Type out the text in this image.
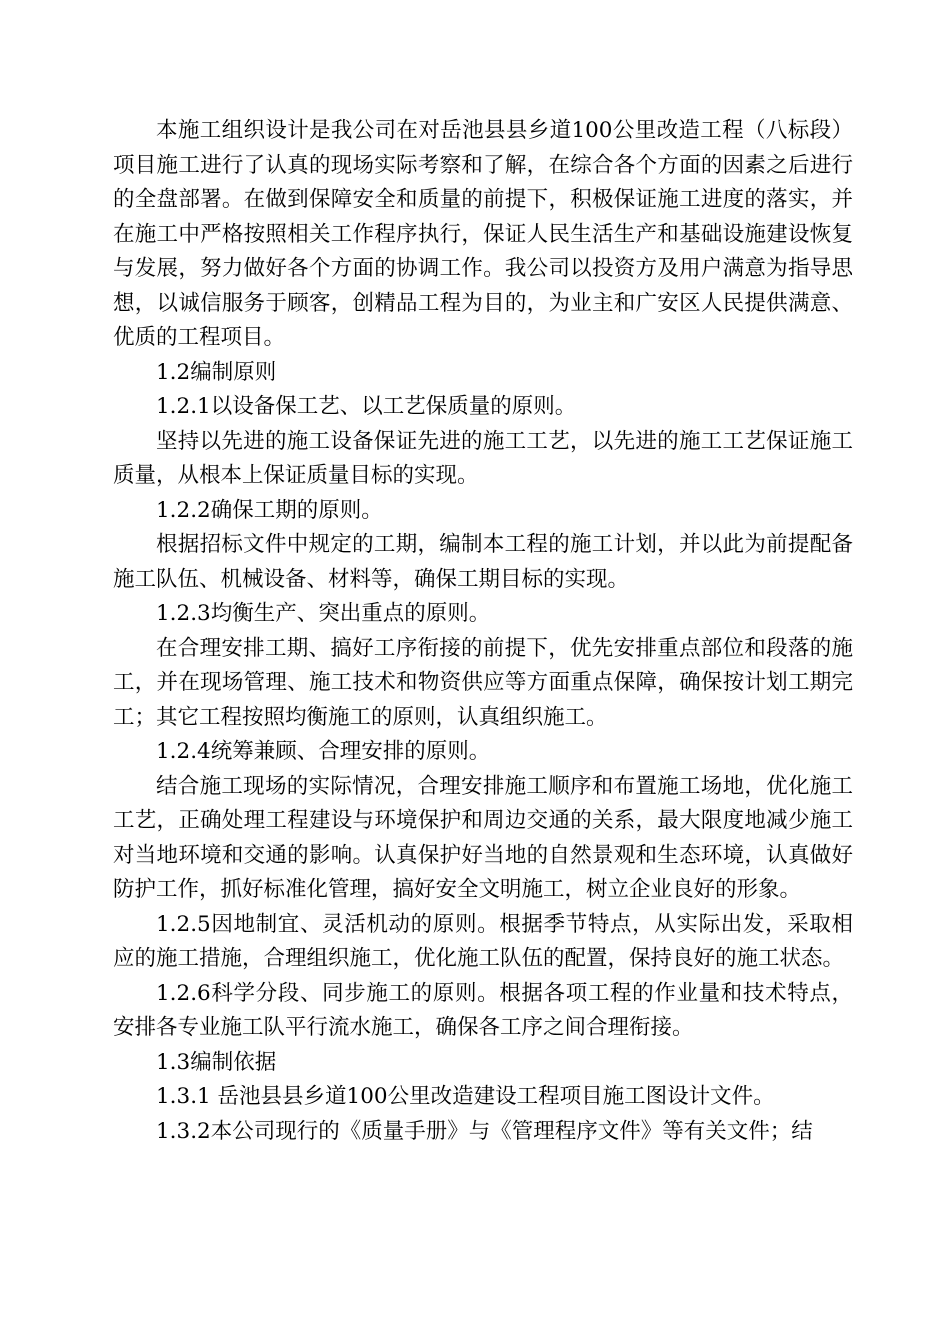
本施工组织设计是我公司在对岳池县县乡道100公里改造工程（八标段）项目施工进行了认真的现场实际考察和了解，在综合各个方面的因素之后进行的全盘部署。在做到保障安全和质量的前提下，积极保证施工进度的落实，并在施工中严格按照相关工作程序执行，保证人民生活生产和基础设施建设恢复与发展，努力做好各个方面的协调工作。我公司以投资方及用户满意为指导思想，以诚信服务于顾客，创精品工程为目的，为业主和广安区人民提供满意、优质的工程项目。

1.2编制原则

1.2.1以设备保工艺、以工艺保质量的原则。

坚持以先进的施工设备保证先进的施工工艺，以先进的施工工艺保证施工质量，从根本上保证质量目标的实现。

1.2.2确保工期的原则。

根据招标文件中规定的工期，编制本工程的施工计划，并以此为前提配备施工队伍、机械设备、材料等，确保工期目标的实现。

1.2.3均衡生产、突出重点的原则。

在合理安排工期、搞好工序衔接的前提下，优先安排重点部位和段落的施工，并在现场管理、施工技术和物资供应等方面重点保障，确保按计划工期完工；其它工程按照均衡施工的原则，认真组织施工。

1.2.4统筹兼顾、合理安排的原则。

结合施工现场的实际情况，合理安排施工顺序和布置施工场地，优化施工工艺，正确处理工程建设与环境保护和周边交通的关系，最大限度地减少施工对当地环境和交通的影响。认真保护好当地的自然景观和生态环境，认真做好防护工作，抓好标准化管理，搞好安全文明施工，树立企业良好的形象。

1.2.5因地制宜、灵活机动的原则。根据季节特点，从实际出发，采取相应的施工措施，合理组织施工，优化施工队伍的配置，保持良好的施工状态。

1.2.6科学分段、同步施工的原则。根据各项工程的作业量和技术特点，安排各专业施工队平行流水施工，确保各工序之间合理衔接。

1.3编制依据

1.3.1 岳池县县乡道100公里改造建设工程项目施工图设计文件。

1.3.2本公司现行的《质量手册》与《管理程序文件》等有关文件；结
